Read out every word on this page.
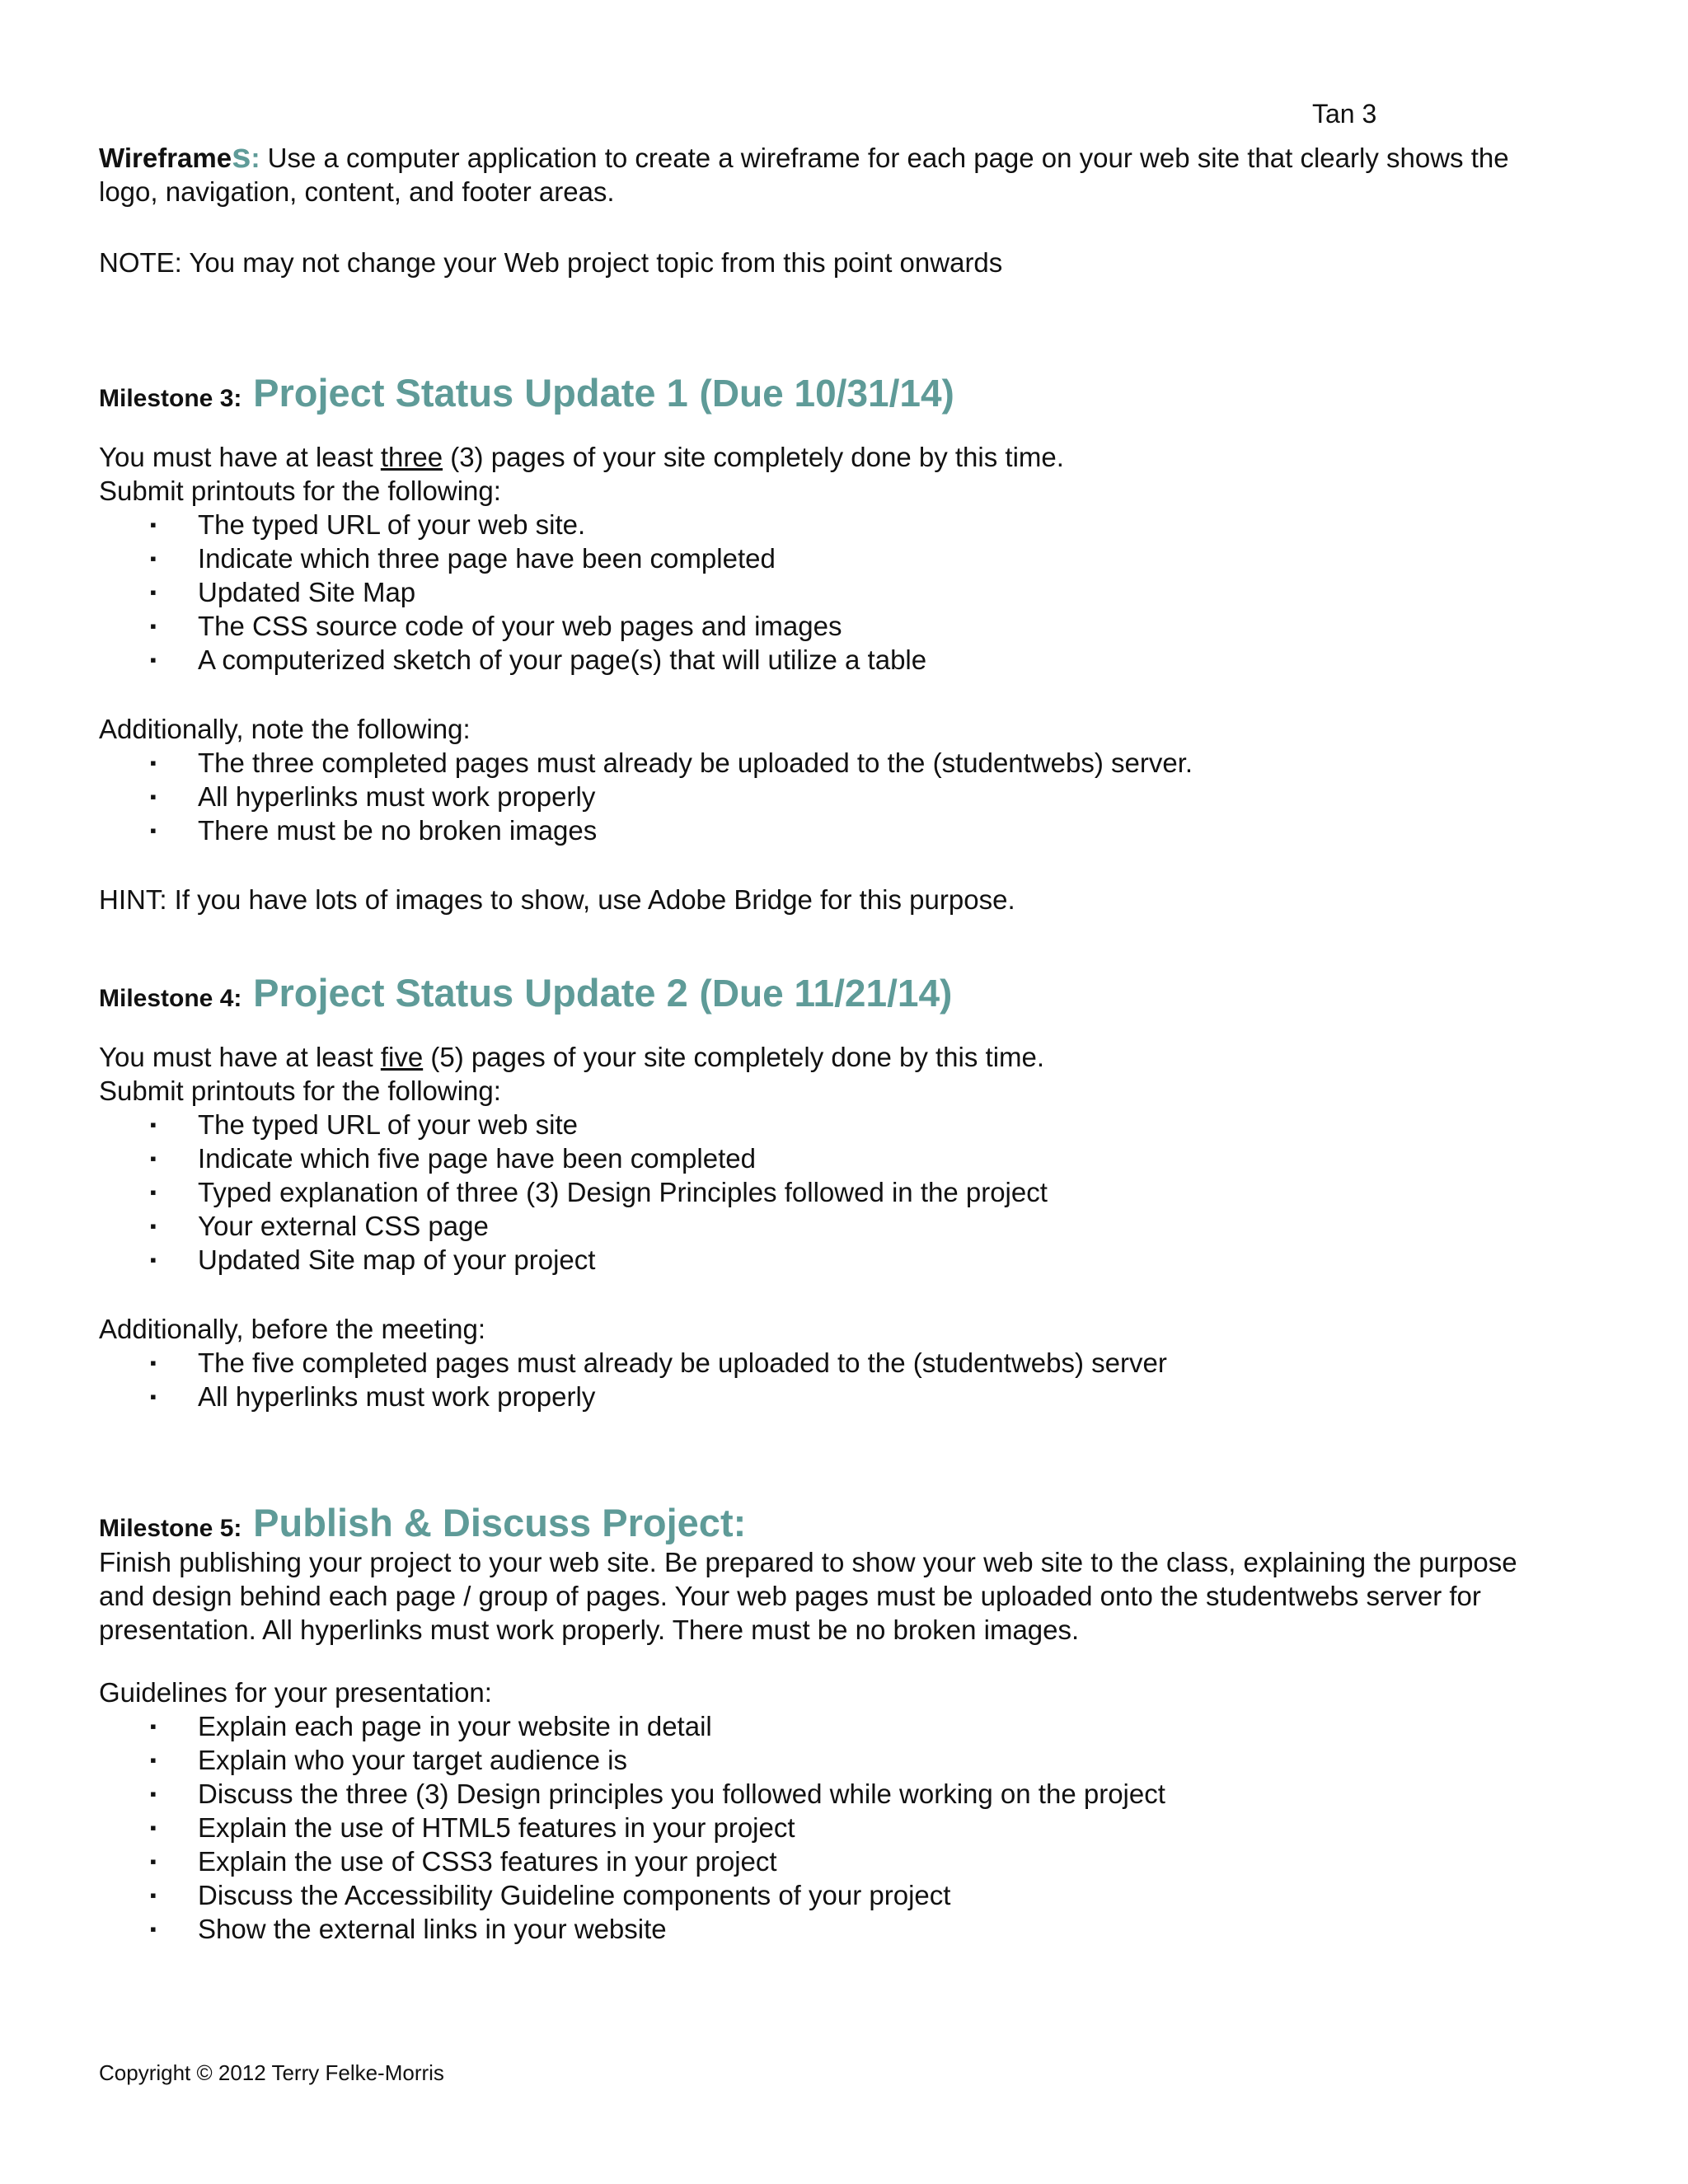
Tan 3

Wireframes: Use a computer application to create a wireframe for each page on your web site that clearly shows the logo, navigation, content, and footer areas.

NOTE: You may not change your Web project topic from this point onwards

Milestone 3: Project Status Update 1 (Due 10/31/14)

You must have at least three (3) pages of your site completely done by this time.

Submit printouts for the following:

▪ The typed URL of your web site.
▪ Indicate which three page have been completed
▪ Updated Site Map
▪ The CSS source code of your web pages and images
▪ A computerized sketch of your page(s) that will utilize a table

Additionally, note the following:

▪ The three completed pages must already be uploaded to the (studentwebs) server.
▪ All hyperlinks must work properly
▪ There must be no broken images

HINT: If you have lots of images to show, use Adobe Bridge for this purpose.

Milestone 4: Project Status Update 2 (Due 11/21/14)

You must have at least five (5) pages of your site completely done by this time.

Submit printouts for the following:

▪ The typed URL of your web site
▪ Indicate which five page have been completed
▪ Typed explanation of three (3) Design Principles followed in the project
▪ Your external CSS page
▪ Updated Site map of your project

Additionally, before the meeting:

▪ The five completed pages must already be uploaded to the (studentwebs) server
▪ All hyperlinks must work properly
Milestone 5: Publish & Discuss Project:

Finish publishing your project to your web site. Be prepared to show your web site to the class, explaining the purpose and design behind each page / group of pages. Your web pages must be uploaded onto the studentwebs server for presentation. All hyperlinks must work properly. There must be no broken images.

Guidelines for your presentation:

▪ Explain each page in your website in detail
▪ Explain who your target audience is
▪ Discuss the three (3) Design principles you followed while working on the project
▪ Explain the use of HTML5 features in your project
▪ Explain the use of CSS3 features in your project
▪ Discuss the Accessibility Guideline components of your project
▪ Show the external links in your website
Copyright © 2012 Terry Felke-Morris
